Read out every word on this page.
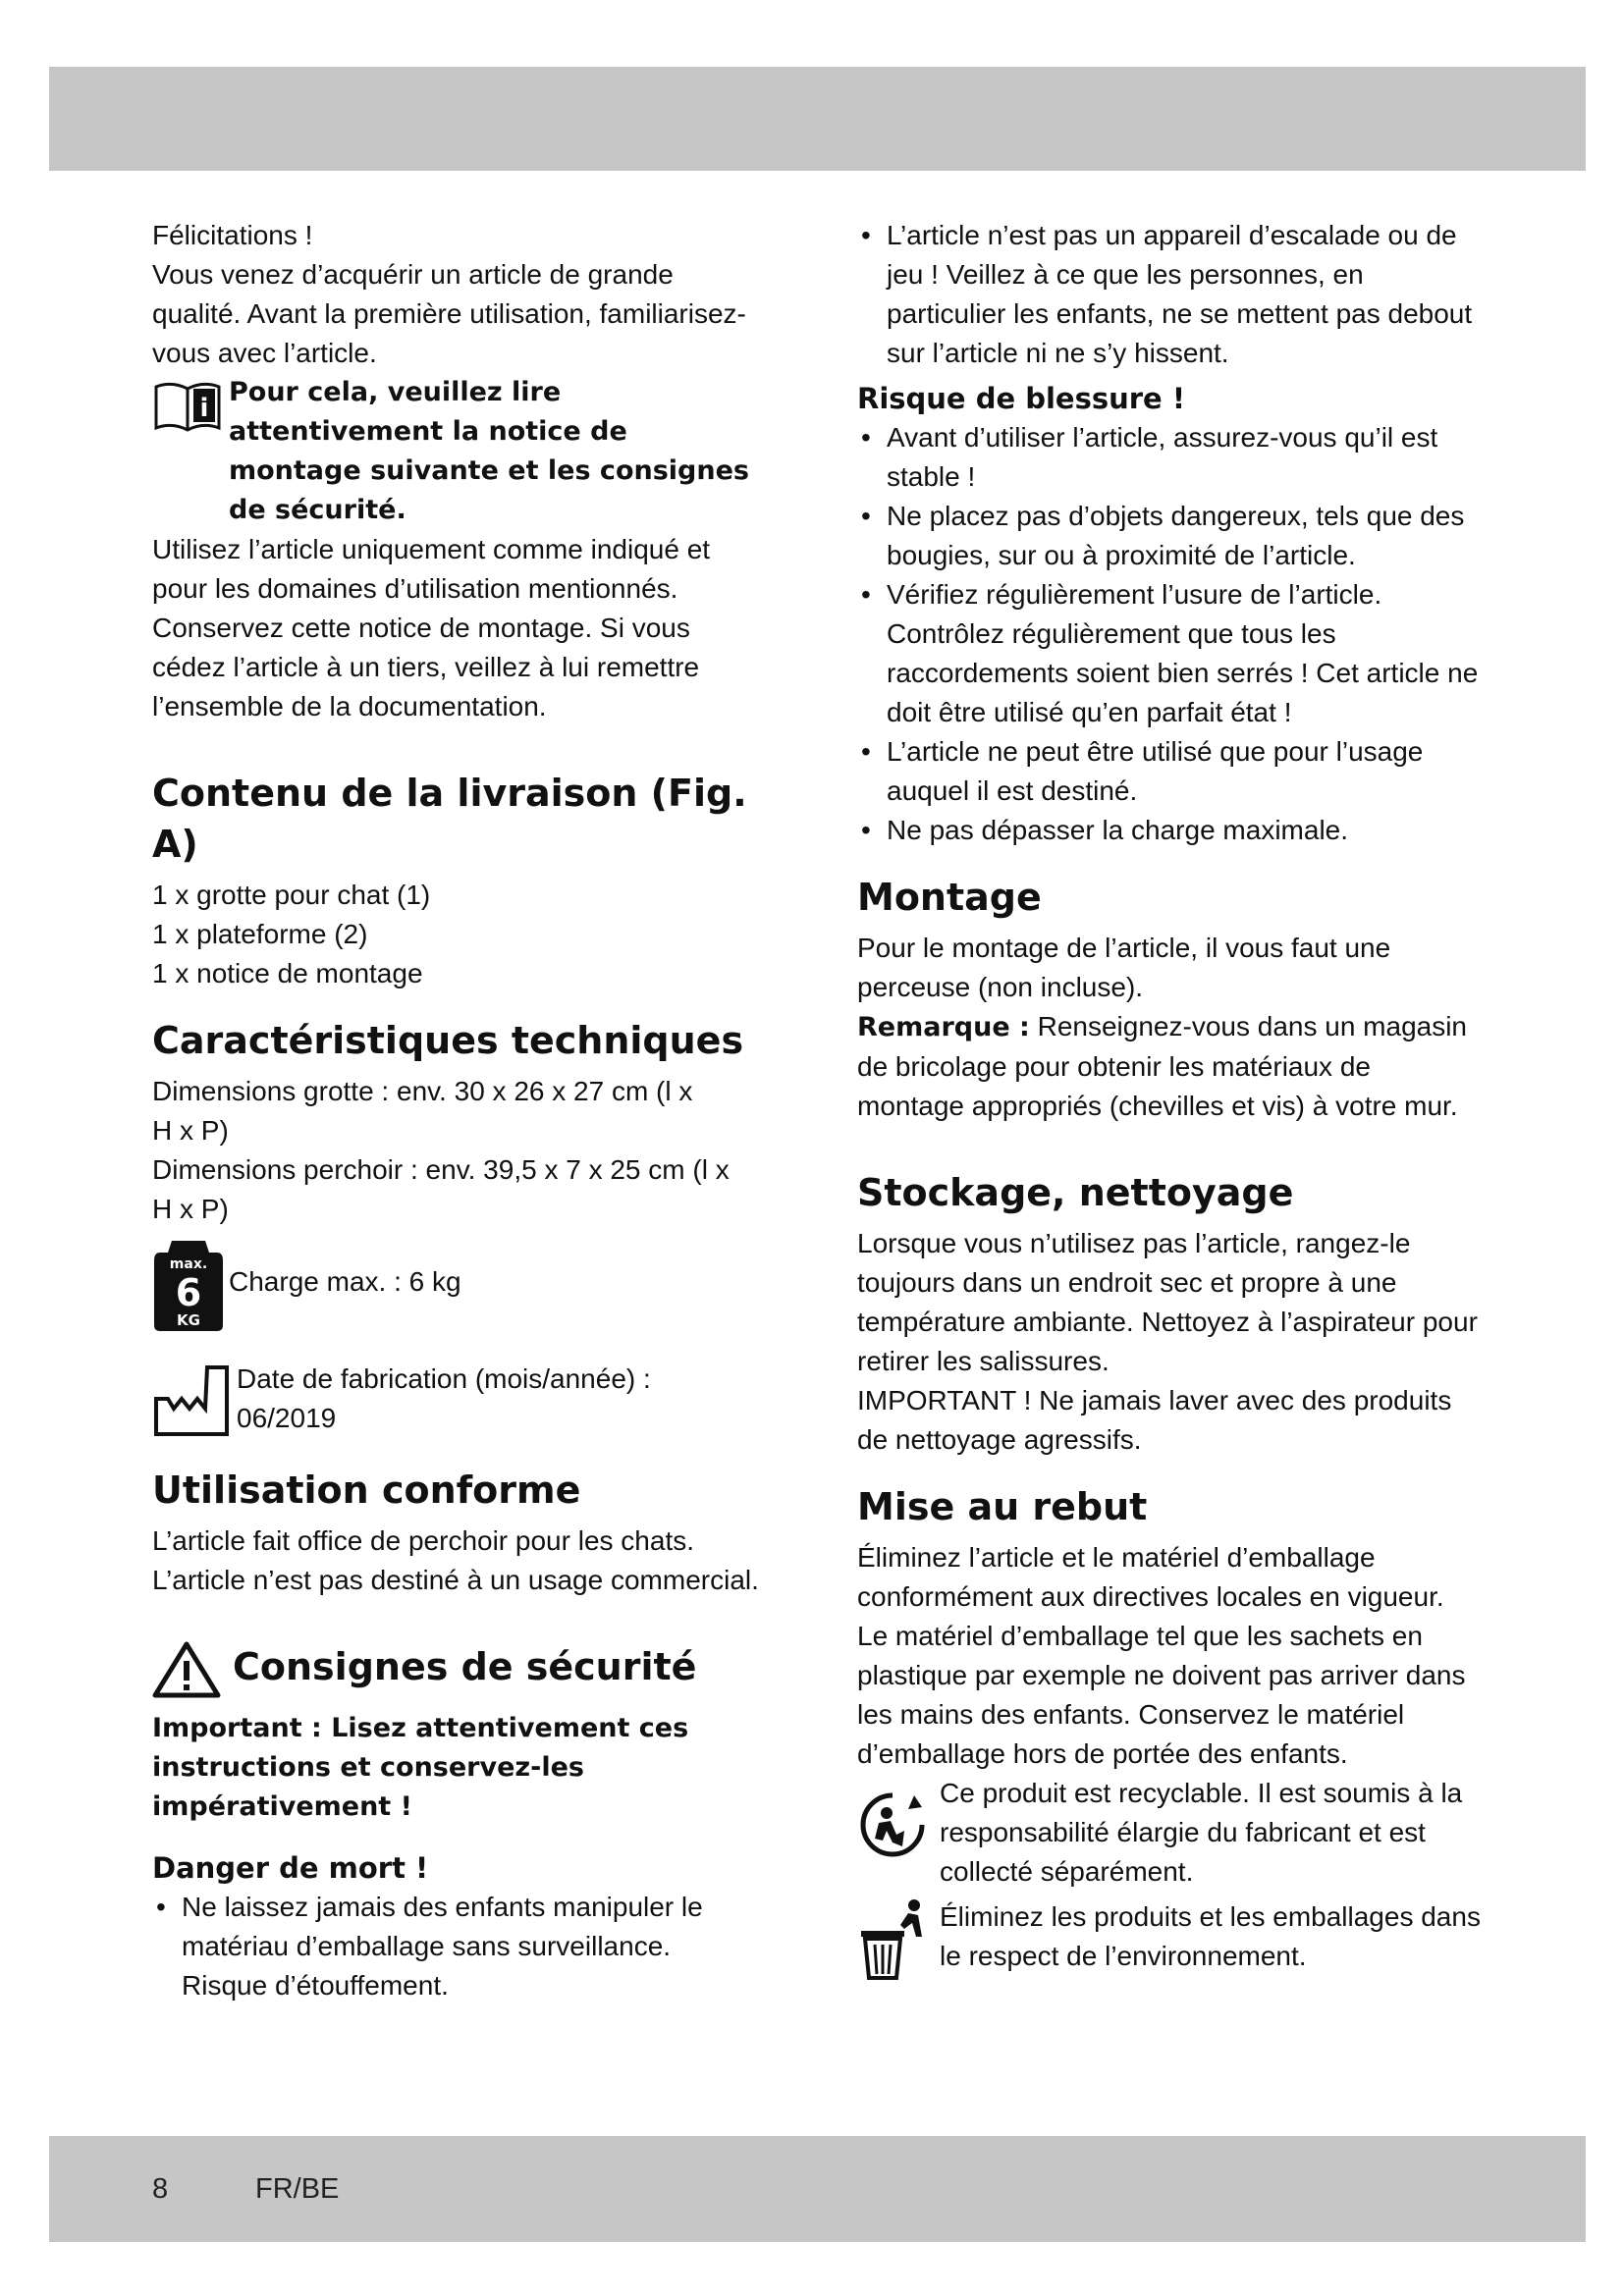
Félicitations !

Vous venez d’acquérir un article de grande qualité. Avant la première utilisation, familiarisez-vous avec l’article.

i

Pour cela, veuillez lire attentivement la notice de montage suivante et les consignes de sécurité.

Utilisez l’article uniquement comme indiqué et pour les domaines d’utilisation mentionnés. Conservez cette notice de montage. Si vous cédez l’article à un tiers, veillez à lui remettre l’ensemble de la documentation.

Contenu de la livraison (Fig. A)

1 x grotte pour chat (1)

1 x plateforme (2)

1 x notice de montage

Caractéristiques techniques

Dimensions grotte : env. 30 x 26 x 27 cm (l x H x P)

Dimensions perchoir : env. 39,5 x 7 x 25 cm (l x H x P)

max.
6
KG

Charge max. : 6 kg

Date de fabrication (mois/année) : 06/2019

Utilisation conforme

L’article fait office de perchoir pour les chats. L’article n’est pas destiné à un usage commercial.

Consignes de sécurité

Important : Lisez attentivement ces instructions et conservez-les impérativement !

Danger de mort !
• Ne laissez jamais des enfants manipuler le matériau d’emballage sans surveillance. Risque d’étouffement.
• L’article n’est pas un appareil d’escalade ou de jeu ! Veillez à ce que les personnes, en particulier les enfants, ne se mettent pas debout sur l’article ni ne s’y hissent.
Risque de blessure !
• Avant d’utiliser l’article, assurez-vous qu’il est stable !
• Ne placez pas d’objets dangereux, tels que des bougies, sur ou à proximité de l’article.
• Vérifiez régulièrement l’usure de l’article. Contrôlez régulièrement que tous les raccordements soient bien serrés ! Cet article ne doit être utilisé qu’en parfait état !
• L’article ne peut être utilisé que pour l’usage auquel il est destiné.
• Ne pas dépasser la charge maximale.
Montage

Pour le montage de l’article, il vous faut une perceuse (non incluse).

Remarque : Renseignez-vous dans un magasin de bricolage pour obtenir les matériaux de montage appropriés (chevilles et vis) à votre mur.

Stockage, nettoyage

Lorsque vous n’utilisez pas l’article, rangez-le toujours dans un endroit sec et propre à une température ambiante. Nettoyez à l’aspirateur pour retirer les salissures.

IMPORTANT ! Ne jamais laver avec des produits de nettoyage agressifs.

Mise au rebut

Éliminez l’article et le matériel d’emballage conformément aux directives locales en vigueur. Le matériel d’emballage tel que les sachets en plastique par exemple ne doivent pas arriver dans les mains des enfants. Conservez le matériel d’emballage hors de portée des enfants.

Ce produit est recyclable. Il est soumis à la responsabilité élargie du fabricant et est collecté séparément.

Éliminez les produits et les emballages dans le respect de l’environnement.

8	FR/BE
